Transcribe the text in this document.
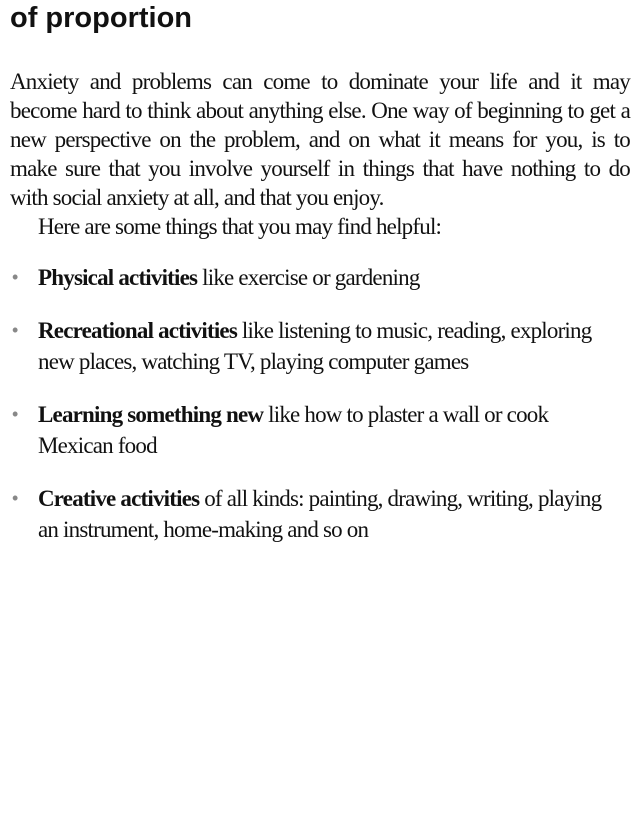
of proportion

Anxiety and problems can come to dominate your life and it may become hard to think about anything else. One way of beginning to get a new perspective on the problem, and on what it means for you, is to make sure that you involve yourself in things that have nothing to do with social anxiety at all, and that you enjoy.

Here are some things that you may find helpful:

• Physical activities like exercise or gardening
• Recreational activities like listening to music, reading, exploring new places, watching TV, playing computer games
• Learning something new like how to plaster a wall or cook Mexican food
• Creative activities of all kinds: painting, drawing, writing, playing an instrument, home-making and so on
